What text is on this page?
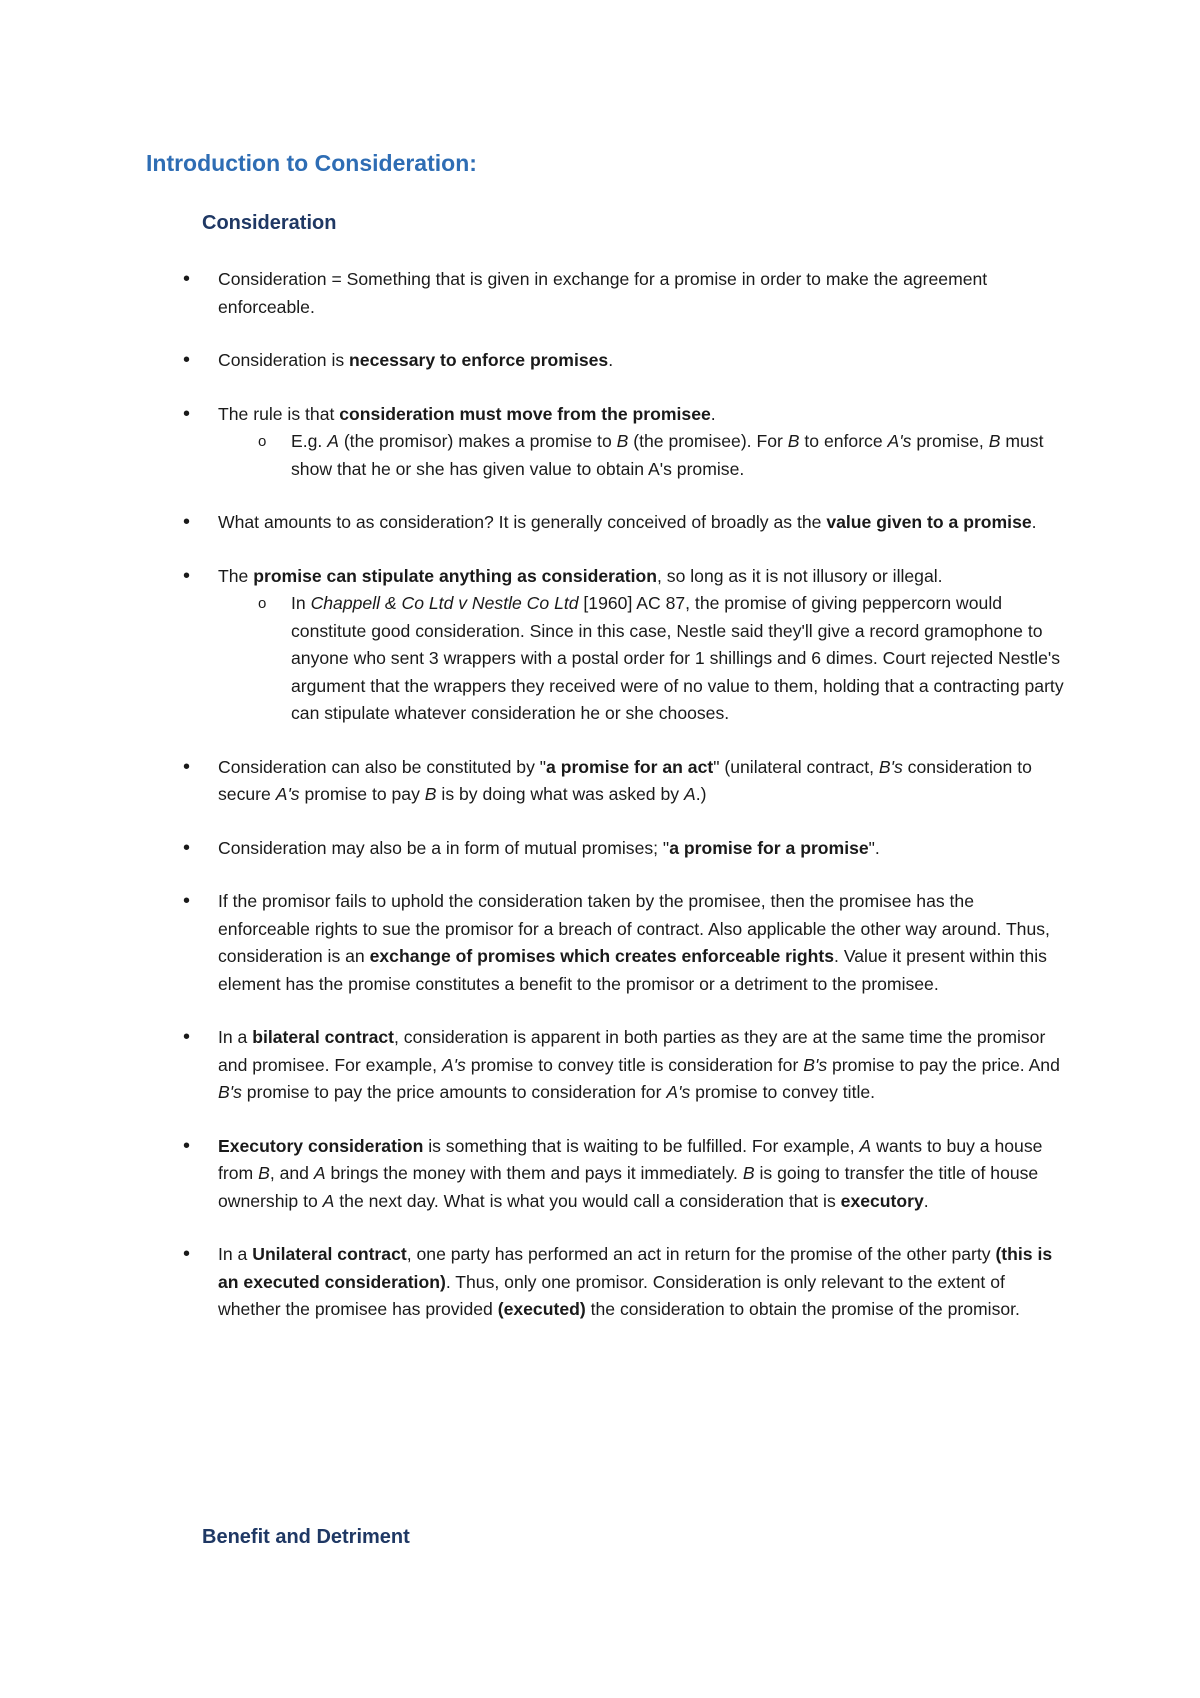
Introduction to Consideration:
Consideration
• Consideration = Something that is given in exchange for a promise in order to make the agreement enforceable.

• Consideration is necessary to enforce promises.

• The rule is that consideration must move from the promisee.

o E.g. A (the promisor) makes a promise to B (the promisee). For B to enforce A's promise, B must show that he or she has given value to obtain A's promise.

• What amounts to as consideration? It is generally conceived of broadly as the value given to a promise.

• The promise can stipulate anything as consideration, so long as it is not illusory or illegal.

o In Chappell & Co Ltd v Nestle Co Ltd [1960] AC 87, the promise of giving peppercorn would constitute good consideration. Since in this case, Nestle said they'll give a record gramophone to anyone who sent 3 wrappers with a postal order for 1 shillings and 6 dimes. Court rejected Nestle's argument that the wrappers they received were of no value to them, holding that a contracting party can stipulate whatever consideration he or she chooses.

• Consideration can also be constituted by "a promise for an act" (unilateral contract, B's consideration to secure A's promise to pay B is by doing what was asked by A.)

• Consideration may also be a in form of mutual promises; "a promise for a promise".

• If the promisor fails to uphold the consideration taken by the promisee, then the promisee has the enforceable rights to sue the promisor for a breach of contract. Also applicable the other way around. Thus, consideration is an exchange of promises which creates enforceable rights. Value it present within this element has the promise constitutes a benefit to the promisor or a detriment to the promisee.

• In a bilateral contract, consideration is apparent in both parties as they are at the same time the promisor and promisee. For example, A's promise to convey title is consideration for B's promise to pay the price. And B's promise to pay the price amounts to consideration for A's promise to convey title.

• Executory consideration is something that is waiting to be fulfilled. For example, A wants to buy a house from B, and A brings the money with them and pays it immediately. B is going to transfer the title of house ownership to A the next day. What is what you would call a consideration that is executory.

• In a Unilateral contract, one party has performed an act in return for the promise of the other party (this is an executed consideration). Thus, only one promisor. Consideration is only relevant to the extent of whether the promisee has provided (executed) the consideration to obtain the promise of the promisor.

Benefit and Detriment
